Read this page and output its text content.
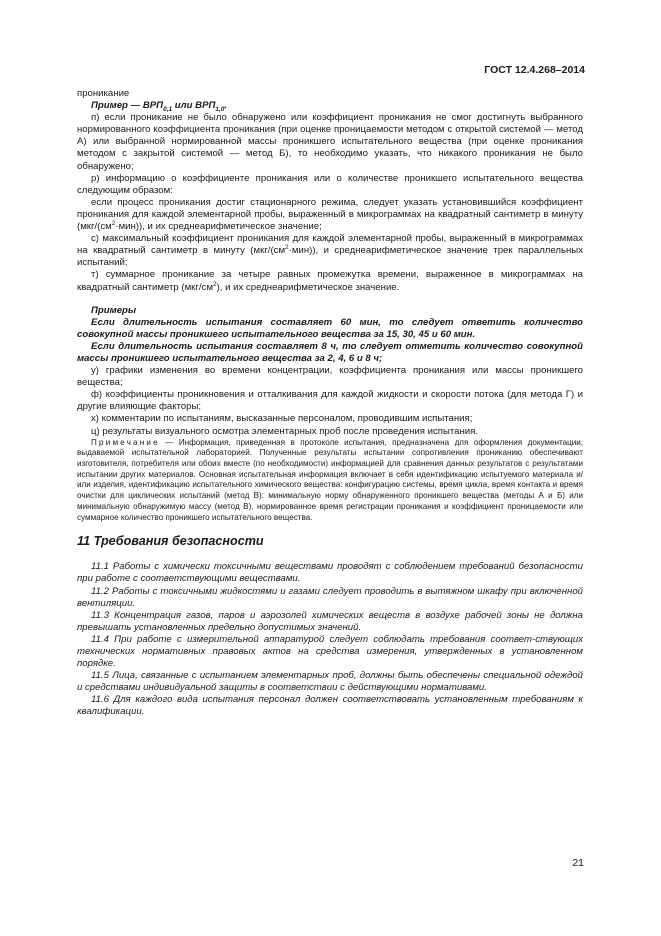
ГОСТ 12.4.268–2014

проникание

Пример — $ВРП_{0,1}$ или $ВРП_{1,0}$.

п) если проникание не было обнаружено или коэффициент проникания не смог достигнуть выбранного нормированного коэффициента проникания (при оценке проницаемости методом с открытой системой — метод А) или выбранной нормированной массы проникшего испытательного вещества (при оценке проникания методом с закрытой системой — метод Б), то необходимо указать, что никакого проникания не было обнаружено;

р) информацию о коэффициенте проникания или о количестве проникшего испытательного вещества следующим образом:

если процесс проникания достиг стационарного режима, следует указать установившийся коэффициент проникания для каждой элементарной пробы, выраженный в микрограммах на квадратный сантиметр в минуту $(мкг/(см^2\cdot мин))$, и их среднеарифметическое значение;

с) максимальный коэффициент проникания для каждой элементарной пробы, выраженный в микрограммах на квадратный сантиметр в минуту $(мкг/(см^2\cdot мин))$, и среднеарифметическое значение трек параллельных испытаний;

т) суммарное проникание за четыре равных промежутка времени, выраженное в микрограммах на квадратный сантиметр $(мкг/см^2)$, и их среднеарифметическое значение.

Примеры

Если длительность испытания составляет 60 мин, то следует ответить количество совокупной массы проникшего испытательного вещества за 15, 30, 45 и 60 мин.

Если длительность испытания составляет 8 ч, то следует отметить количество совокупной массы проникшего испытательного вещества за 2, 4, 6 и 8 ч;

у) графики изменения во времени концентрации, коэффициента проникания или массы проникшего вещества;

ф) коэффициенты проникновения и отталкивания для каждой жидкости и скорости потока (для метода Г) и другие влияющие факторы;

х) комментарии по испытаниям, высказанные персоналом, проводившим испытания;

ц) результаты визуального осмотра элементарных проб после проведения испытания.

Примечание — Информация, приведенная в протоколе испытания, предназначена для оформления документации, выдаваемой испытательной лабораторией. Полученные результаты испытании сопротивления прониканию обеспечивают изготовителя, потребителя или обоих вместе (по необходимости) информацией для сравнения данных результатов с результатами испытании других материалов. Основная испытательная информация включает в себя идентификацию испытуемого материала и/или изделия, идентификацию испытательного химического вещества: конфигурацию системы, время цикла, время контакта и время очистки для циклических испытаний (метод В): минимальную норму обнаруженного проникшего вещества (методы А и Б) или минимальную обнаружимую массу (метод В), нормированное время регистрации проникания и коэффициент проницаемости или суммарное количество проникшего испытательного вещества.

11 Требования безопасности

11.1 Работы с химически токсичными веществами проводят с соблюдением требований безопасности при работе с соответствующими веществами.

11.2 Работы с токсичными жидкостями и газами следует проводить в вытяжном шкафу при включенной вентиляции.

11.3 Концентрация газов, паров и аэрозолей химических веществ в воздухе рабочей зоны не должна превышать установленных предельно допустимых значений.

11.4 При работе с измерительной аппаратурой следует соблюдать требования соответ-ствующих технических нормативных правовых актов на средства измерения, утвержденных в установленном порядке.

11.5 Лица, связанные с испытанием элементарных проб, должны быть обеспечены специальной одеждой и средствами индивидуальной защиты в соответствии с действующими нормативами.

11.6 Для каждого вида испытания персонал должен соответствовать установленным требованиям к квалификации.

21
